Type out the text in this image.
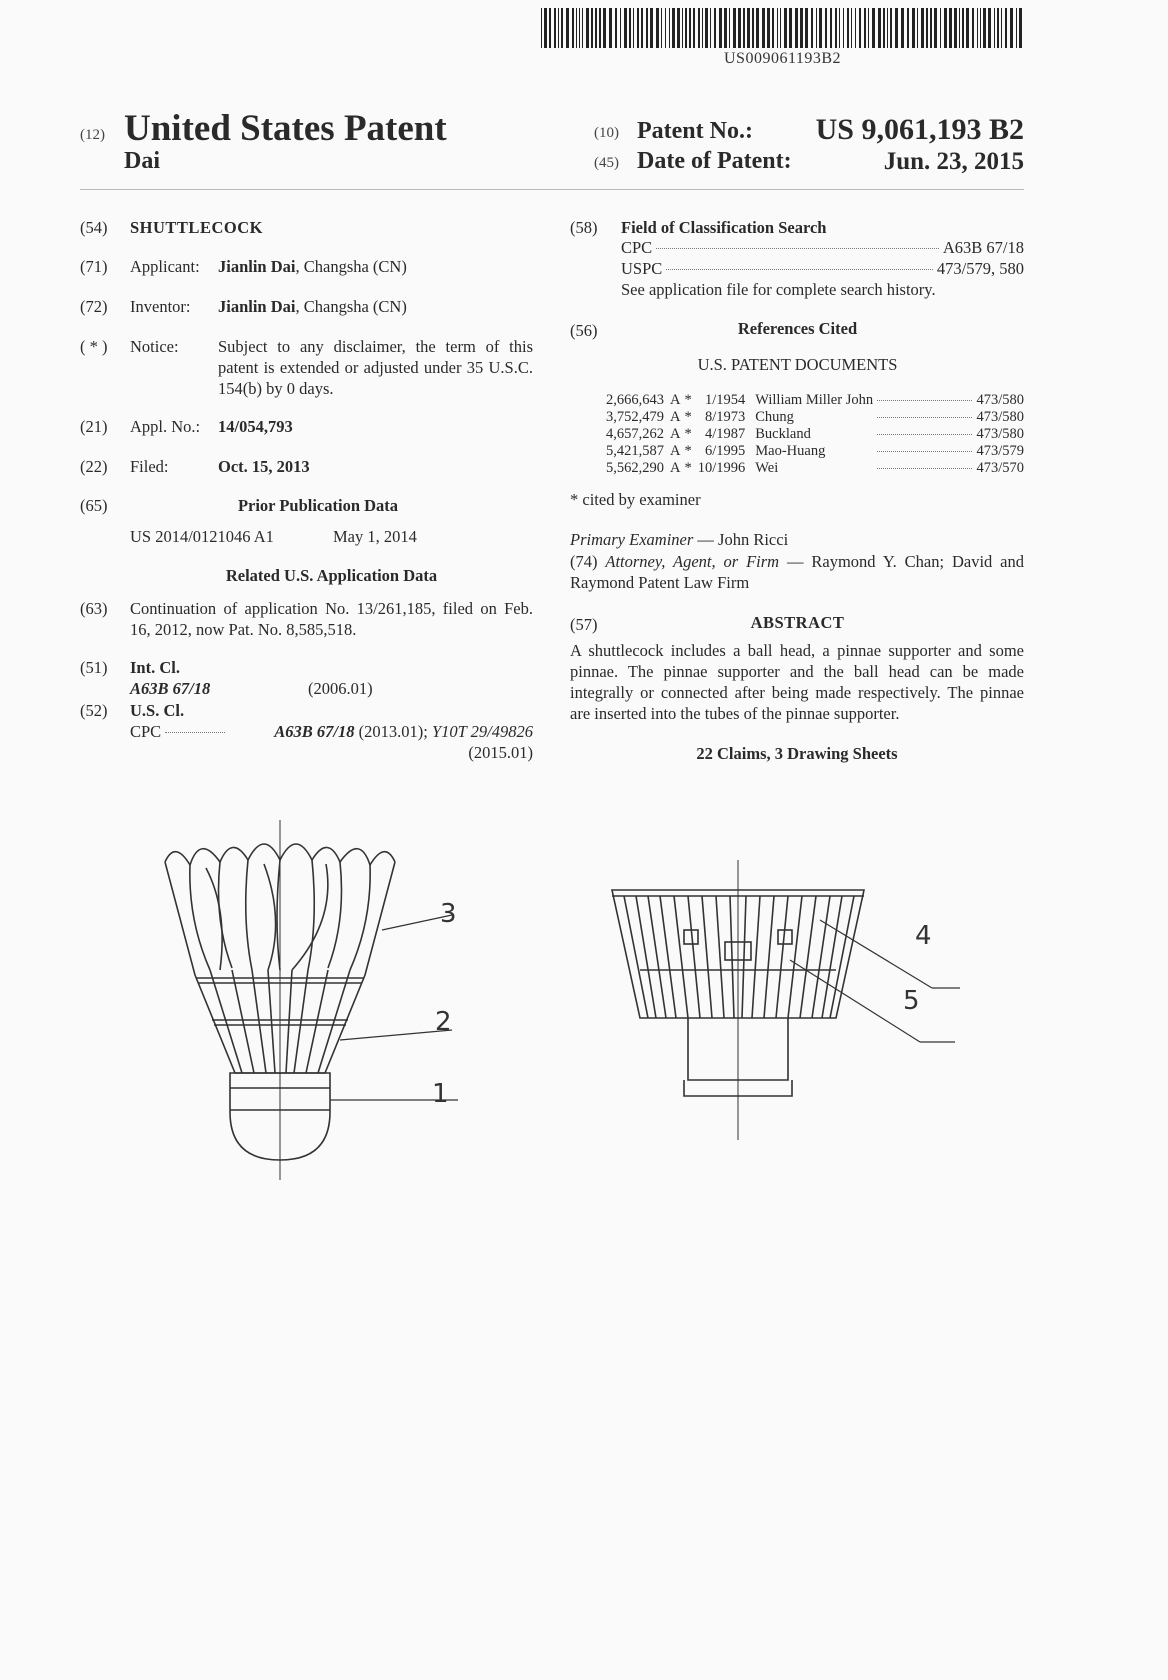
US009061193B2
(12) United States Patent
Dai
(10) Patent No.: US 9,061,193 B2
(45) Date of Patent:	Jun. 23, 2015
(54) SHUTTLECOCK
(71) Applicant: Jianlin Dai, Changsha (CN)
(72) Inventor: Jianlin Dai, Changsha (CN)
( * ) Notice: Subject to any disclaimer, the term of this patent is extended or adjusted under 35 U.S.C. 154(b) by 0 days.
(21) Appl. No.: 14/054,793
(22) Filed:	Oct. 15, 2013
(65)	Prior Publication Data
US 2014/0121046 A1	May 1, 2014
Related U.S. Application Data
(63) Continuation of application No. 13/261,185, filed on Feb. 16, 2012, now Pat. No. 8,585,518.
(51) Int. Cl.
A63B 67/18	(2006.01)
(52) U.S. Cl.
CPC	A63B 67/18 (2013.01); Y10T 29/49826
(2015.01)
(58) Field of Classification Search
CPC	A63B 67/18
USPC	473/579, 580
See application file for complete search history.
(56)	References Cited
U.S. PATENT DOCUMENTS
2,666,643	A	*	1/1954	William Miller John		473/580
3,752,479	A	*	8/1973	Chung		473/580
4,657,262	A	*	4/1987	Buckland		473/580
5,421,587	A	*	6/1995	Mao-Huang		473/579
5,562,290	A	*	10/1996	Wei		473/570
* cited by examiner
Primary Examiner — John Ricci
(74) Attorney, Agent, or Firm — Raymond Y. Chan; David and Raymond Patent Law Firm
(57)	ABSTRACT
A shuttlecock includes a ball head, a pinnae supporter and some pinnae. The pinnae supporter and the ball head can be made integrally or connected after being made respectively. The pinnae are inserted into the tubes of the pinnae supporter.
22 Claims, 3 Drawing Sheets
3
2
1
4
5
